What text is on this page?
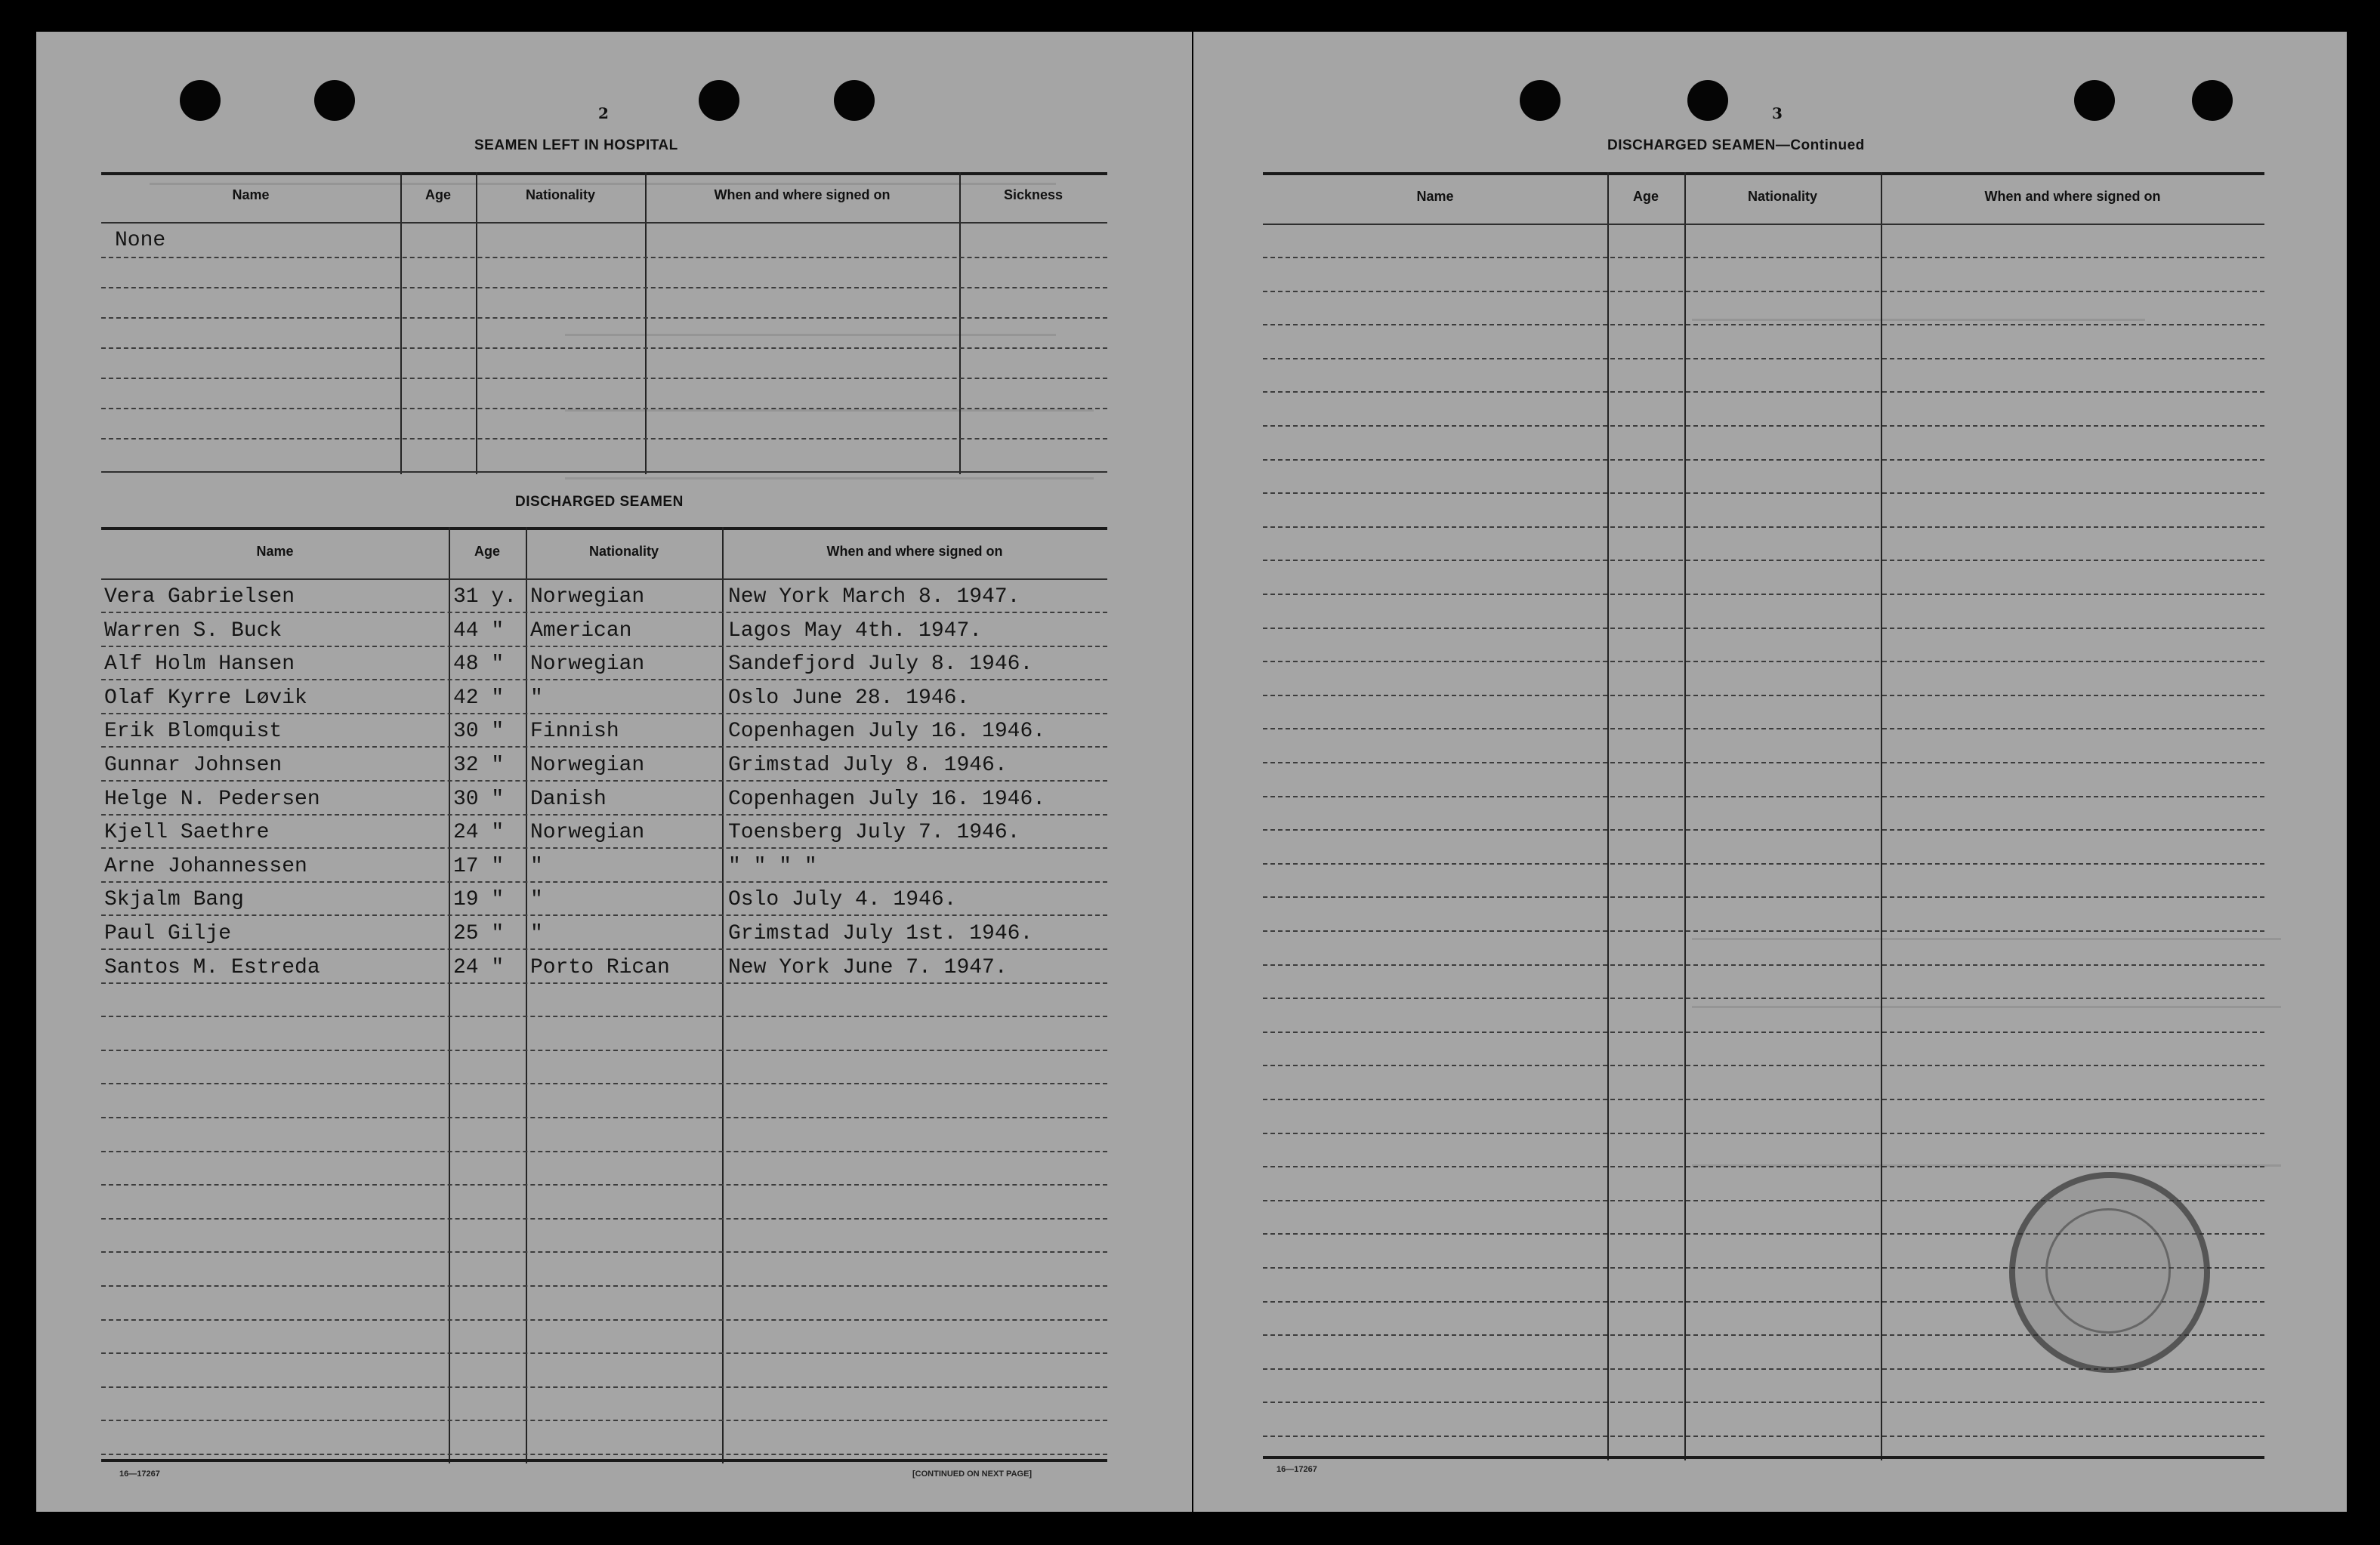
2
SEAMEN LEFT IN HOSPITAL
Name	Age	Nationality	When and where signed on	Sickness
None
DISCHARGED SEAMEN
Name	Age	Nationality	When and where signed on
Vera Gabrielsen	31 y. Norwegian	New York March 8. 1947.
Warren S. Buck	44 "	American	Lagos May 4th. 1947.
Alf Holm Hansen	48 "	Norwegian	Sandefjord July 8. 1946.
Olaf Kyrre Løvik	42 "	"	Oslo June 28. 1946.
Erik Blomquist	30 "	Finnish	Copenhagen July 16. 1946.
Gunnar Johnsen	32 "	Norwegian	Grimstad July 8. 1946.
Helge N. Pedersen	30 "	Danish	Copenhagen July 16. 1946.
Kjell Saethre	24 "	Norwegian	Toensberg July 7. 1946.
Arne Johannessen	17 "	"	" " " "
Skjalm Bang	19 "	"	Oslo July 4. 1946.
Paul Gilje	25 "	"	Grimstad July 1st. 1946.
Santos M. Estreda	24 "	Porto Rican	New York June 7. 1947.
16—17267	[CONTINUED ON NEXT PAGE]
3
DISCHARGED SEAMEN—Continued
Name	Age	Nationality	When and where signed on
16—17267
